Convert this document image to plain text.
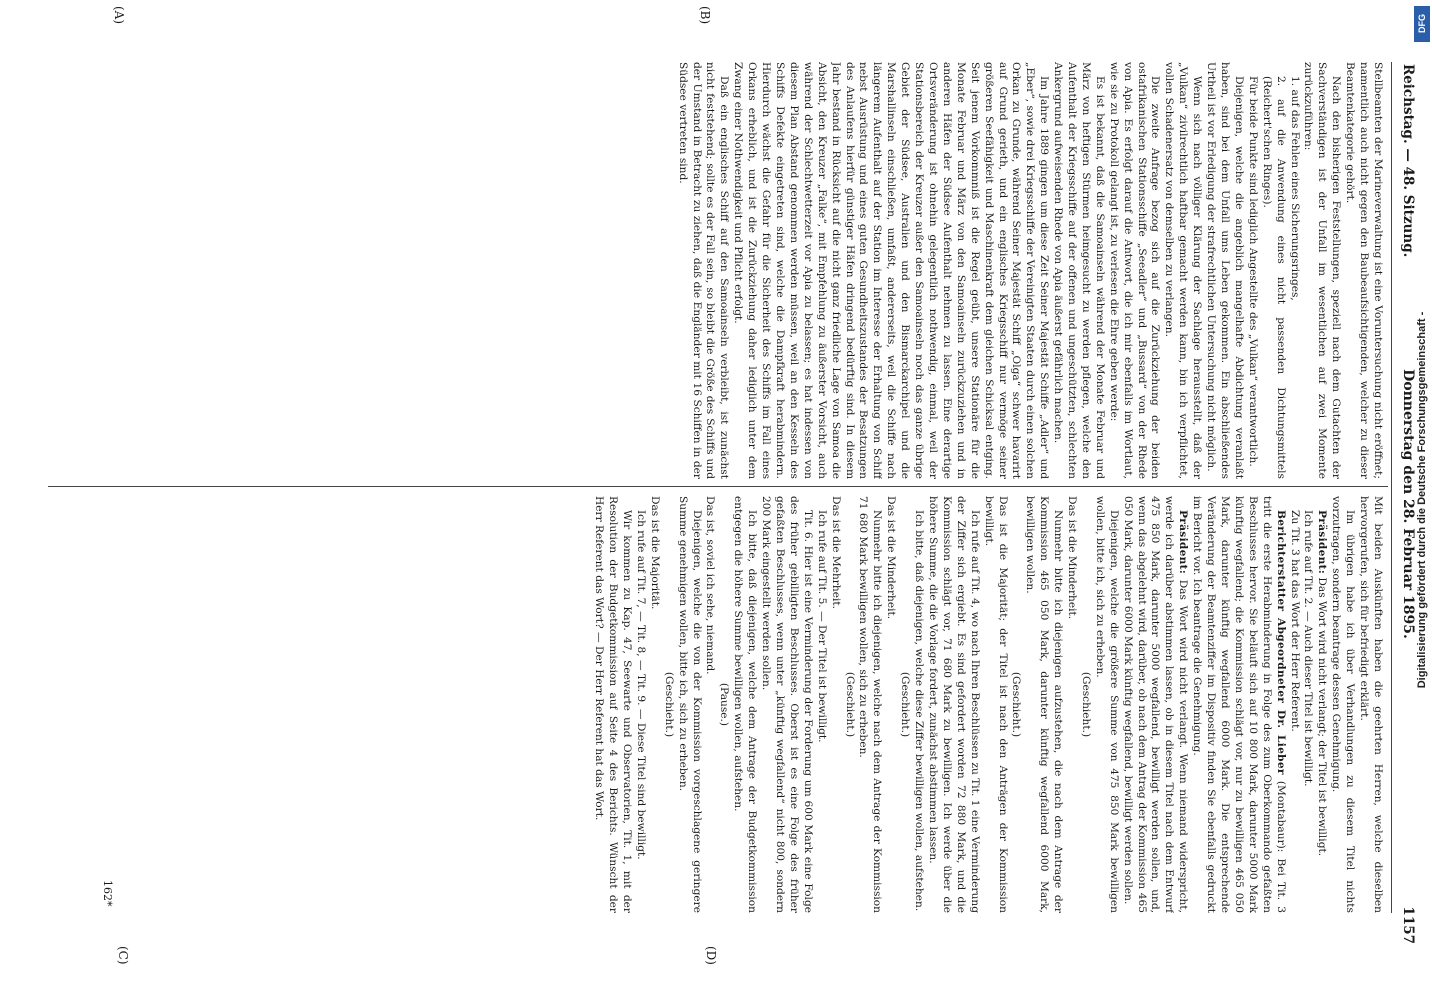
Reichstag. — 48. Sitzung.
Donnerstag den 28. Februar 1895.
1157

Stellbeamten der Marineverwaltung ist eine Voruntersuchung nicht eröffnet; namentlich auch nicht gegen den Baubeaufsichtigenden, welcher zu dieser Beamtenkategorie gehört.

Nach den bisherigen Feststellungen, speziell nach dem Gutachten der Sachverständigen ist der Unfall im wesentlichen auf zwei Momente zurückzuführen:

1. auf das Fehlen eines Sicherungsringes,

2. auf die Anwendung eines nicht passenden Dichtungsmittels (Reichert'schen Ringes).

Für beide Punkte sind lediglich Angestellte des „Vulkan“ verantwortlich.

Diejenigen, welche die angeblich mangelhafte Abdichtung veranlaßt haben, sind bei dem Unfall ums Leben gekommen. Ein abschließendes Urtheil ist vor Erledigung der strafrechtlichen Untersuchung nicht möglich.

Wenn sich nach völliger Klärung der Sachlage herausstellt, daß der „Vulkan“ zivilrechtlich haftbar gemacht werden kann, bin ich verpflichtet, vollen Schadenersatz von demselben zu verlangen.

Die zweite Anfrage bezog sich auf die Zurückziehung der beiden ostafrikanischen Stationsschiffe „Seeadler“ und „Bussard“ von der Rhede von Apia. Es erfolgt darauf die Antwort, die ich mir ebenfalls im Wortlaut, wie sie zu Protokoll gelangt ist, zu verlesen die Ehre geben werde:

Es ist bekannt, daß die Samoainseln während der Monate Februar und März von heftigen Stürmen heimgesucht zu werden pflegen, welche den Aufenthalt der Kriegsschiffe auf der offenen und ungeschützten, schlechten Ankergrund aufweisenden Rhede von Apia äußerst gefährlich machen.

Im Jahre 1889 gingen um diese Zeit Seiner Majestät Schiffe „Adler“ und „Eber“, sowie drei Kriegsschiffe der Vereinigten Staaten durch einen solchen Orkan zu Grunde, während Seiner Majestät Schiff „Olga“ schwer havarirt auf Grund gerieth, und ein englisches Kriegsschiff nur vermöge seiner größeren Seefähigkeit und Maschinenkraft dem gleichen Schicksal entging. Seit jenem Vorkommniß ist die Regel geübt, unsere Stationäre für die Monate Februar und März von den Samoainseln zurückzuziehen und in anderen Häfen der Südsee Aufenthalt nehmen zu lassen. Eine derartige Ortsveränderung ist ohnehin gelegentlich nothwendig, einmal, weil der Stationsbereich der Kreuzer außer den Samoainseln noch das ganze übrige Gebiet der Südsee, Australien und den Bismarckarchipel und die Marshallinseln einschließen, umfaßt, andererseits, weil die Schiffe nach längerem Aufenthalt auf der Station im Interesse der Erhaltung von Schiff nebst Ausrüstung und eines guten Gesundheitszustandes der Besatzungen des Anlaufens hierfür günstiger Häfen dringend bedürftig sind. In diesem Jahr bestand in Rücksicht auf die nicht ganz friedliche Lage von Samoa die Absicht, den Kreuzer „Falke“, mit Empfehlung zu äußerster Vorsicht, auch während der Schlechtwetterzeit vor Apia zu belassen; es hat indessen von diesem Plan Abstand genommen werden müssen, weil an den Kesseln des Schiffs Defekte eingetreten sind, welche die Dampfkraft herabmindern. Hierdurch wächst die Gefahr für die Sicherheit des Schiffs im Fall eines Orkans erheblich, und ist die Zurückziehung daher lediglich unter dem Zwang einer Nothwendigkeit und Pflicht erfolgt.

Daß ein englisches Schiff auf den Samoainseln verbleibt, ist zunächst nicht feststehend; sollte es der Fall sein, so bleibt die Größe des Schiffs und der Umstand in Betracht zu ziehen, daß die Engländer mit 16 Schiffen in der Südsee vertreten sind.

Mit beiden Auskünften haben die geehrten Herren, welche dieselben hervorgerufen, sich für befriedigt erklärt.

Im übrigen habe ich über Verhandlungen zu diesem Titel nichts vorzutragen, sondern beantrage dessen Genehmigung.

Präsident: Das Wort wird nicht verlangt; der Titel ist bewilligt.

Ich rufe auf Tit. 2. — Auch dieser Titel ist bewilligt.

Zu Tit. 3 hat das Wort der Herr Referent.

Berichterstatter Abgeordneter Dr. Lieber (Montabaur): Bei Tit. 3 tritt die erste Herabminderung in Folge des zum Oberkommando gefaßten Beschlusses hervor. Sie beläuft sich auf 10 800 Mark, darunter 5000 Mark künftig wegfallend; die Kommission schlägt vor, nur zu bewilligen 465 050 Mark, darunter künftig wegfallend 6000 Mark. Die entsprechende Veränderung der Beamtenziffer im Dispositiv finden Sie ebenfalls gedruckt im Bericht vor. Ich beantrage die Genehmigung.

Präsident: Das Wort wird nicht verlangt. Wenn niemand widerspricht, werde ich darüber abstimmen lassen, ob in diesem Titel nach dem Entwurf 475 850 Mark, darunter 5000 wegfallend, bewilligt werden sollen, und, wenn das abgelehnt wird, darüber, ob nach dem Antrag der Kommission 465 050 Mark, darunter 6000 Mark künftig wegfallend, bewilligt werden sollen.

Diejenigen, welche die größere Summe von 475 850 Mark bewilligen wollen, bitte ich, sich zu erheben.

(Geschieht.)

Das ist die Minderheit.

Nunmehr bitte ich diejenigen aufzustehen, die nach dem Antrage der Kommission 465 050 Mark, darunter künftig wegfallend 6000 Mark, bewilligen wollen.

(Geschieht.)

Das ist die Majorität; der Titel ist nach den Anträgen der Kommission bewilligt.

Ich rufe auf Tit. 4, wo nach Ihren Beschlüssen zu Tit. 1 eine Verminderung der Ziffer sich ergiebt. Es sind gefordert worden 72 880 Mark, und die Kommission schlägt vor, 71 680 Mark zu bewilligen. Ich werde über die höhere Summe, die die Vorlage fordert, zunächst abstimmen lassen.

Ich bitte, daß diejenigen, welche diese Ziffer bewilligen wollen, aufstehen.

(Geschieht.)

Das ist die Minderheit.

Nunmehr bitte ich diejenigen, welche nach dem Antrage der Kommission 71 680 Mark bewilligen wollen, sich zu erheben.

(Geschieht.)

Das ist die Mehrheit.

Ich rufe auf Tit. 5. — Der Titel ist bewilligt.

Tit. 6. Hier ist eine Verminderung der Forderung um 600 Mark eine Folge des früher gebilligten Beschlusses. Oberst ist es eine Folge des früher gefaßten Beschlusses, wenn unter „künftig wegfallend“ nicht 800, sondern 200 Mark eingestellt werden sollen.

Ich bitte, daß diejenigen, welche dem Antrage der Budgetkommission entgegen die höhere Summe bewilligen wollen, aufstehen.

(Pause.)

Das ist, soviel ich sehe, niemand.

Diejenigen, welche die von der Kommission vorgeschlagene geringere Summe genehmigen wollen, bitte ich, sich zu erheben.

(Geschieht.)

Das ist die Majorität.

Ich rufe auf Tit. 7, — Tit. 8, — Tit. 9. — Diese Titel sind bewilligt.

Wir kommen zu Kap. 47, Seewarte und Observatorien, Tit. 1, mit der Resolution der Budgetkommission auf Seite 4 des Berichts. Wünscht der Herr Referent das Wort? — Der Herr Referent hat das Wort.

(A)	(B)
(C)	(D)
162*
Digitalisierung gefördert durch die Deutsche Forschungsgemeinschaft -
DFG
